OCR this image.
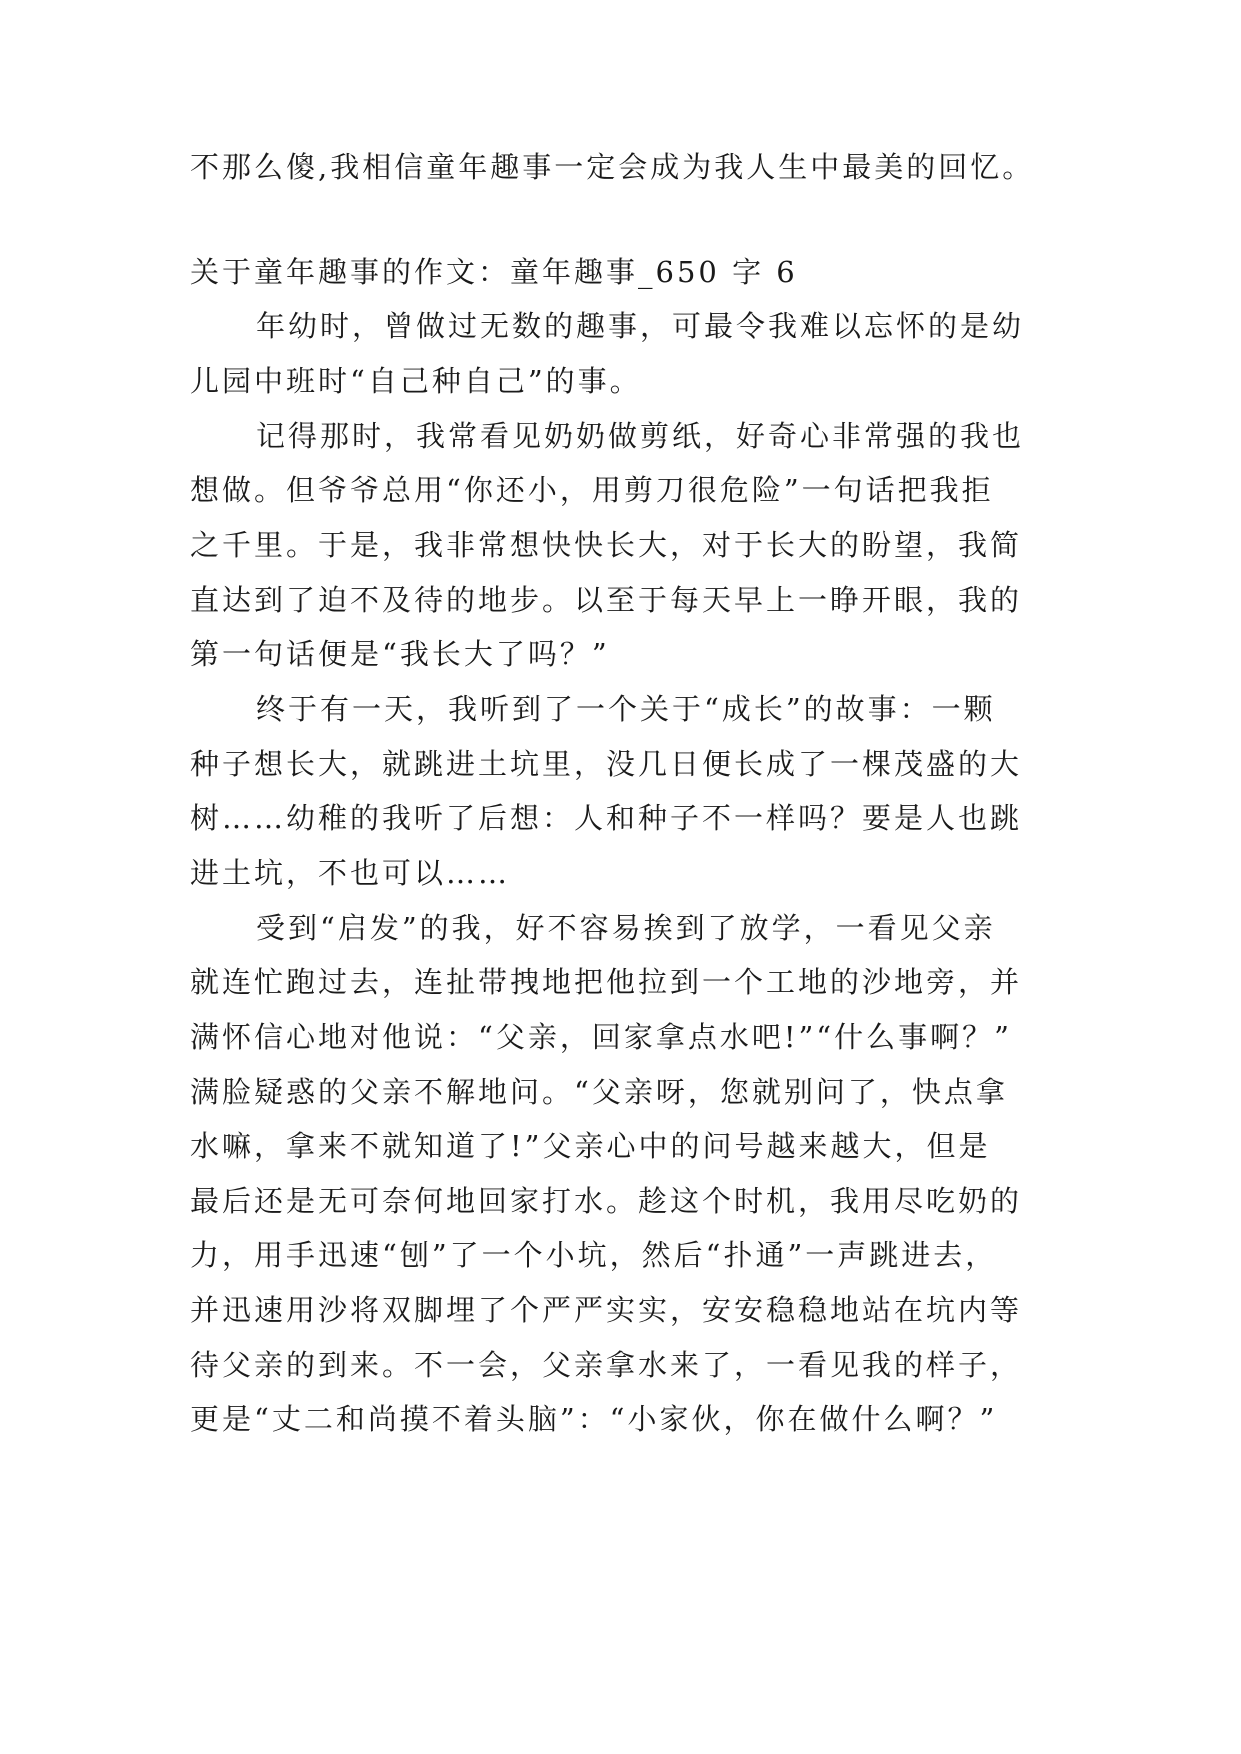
不那么傻,我相信童年趣事一定会成为我人生中最美的回忆。
关于童年趣事的作文：童年趣事_650 字 6
年幼时，曾做过无数的趣事，可最令我难以忘怀的是幼
儿园中班时“自己种自己”的事。
记得那时，我常看见奶奶做剪纸，好奇心非常强的我也
想做。但爷爷总用“你还小，用剪刀很危险”一句话把我拒
之千里。于是，我非常想快快长大，对于长大的盼望，我简
直达到了迫不及待的地步。以至于每天早上一睁开眼，我的
第一句话便是“我长大了吗？”
终于有一天，我听到了一个关于“成长”的故事：一颗
种子想长大，就跳进土坑里，没几日便长成了一棵茂盛的大
树……幼稚的我听了后想：人和种子不一样吗？要是人也跳
进土坑，不也可以……
受到“启发”的我，好不容易挨到了放学，一看见父亲
就连忙跑过去，连扯带拽地把他拉到一个工地的沙地旁，并
满怀信心地对他说：“父亲，回家拿点水吧!”“什么事啊？”
满脸疑惑的父亲不解地问。“父亲呀，您就别问了，快点拿
水嘛，拿来不就知道了!”父亲心中的问号越来越大，但是
最后还是无可奈何地回家打水。趁这个时机，我用尽吃奶的
力，用手迅速“刨”了一个小坑，然后“扑通”一声跳进去，
并迅速用沙将双脚埋了个严严实实，安安稳稳地站在坑内等
待父亲的到来。不一会，父亲拿水来了，一看见我的样子，
更是“丈二和尚摸不着头脑”：“小家伙，你在做什么啊？”
